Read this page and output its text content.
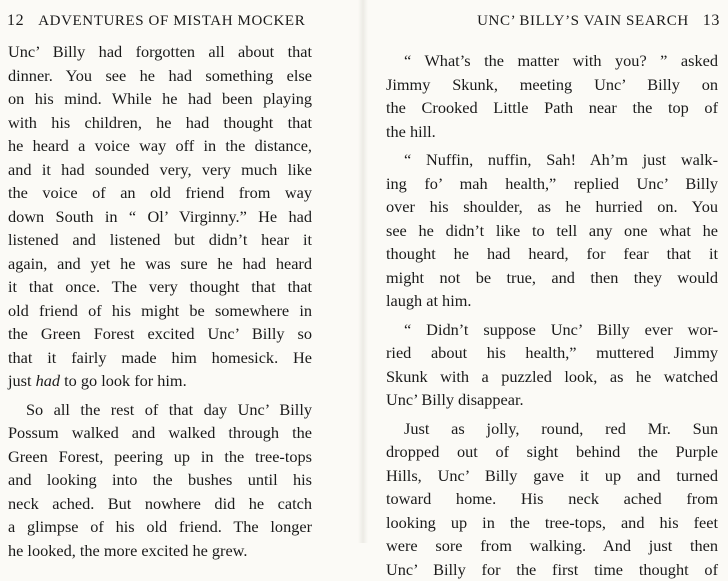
12 ADVENTURES OF MISTAH MOCKER
Unc’ Billy had forgotten all about that
dinner. You see he had something else
on his mind. While he had been playing
with his children, he had thought that
he heard a voice way off in the distance,
and it had sounded very, very much like
the voice of an old friend from way
down South in “ Ol’ Virginny.” He had
listened and listened but didn’t hear it
again, and yet he was sure he had heard
it that once. The very thought that that
old friend of his might be somewhere in
the Green Forest excited Unc’ Billy so
that it fairly made him homesick. He
just had to go look for him.
So all the rest of that day Unc’ Billy
Possum walked and walked through the
Green Forest, peering up in the tree-tops
and looking into the bushes until his
neck ached. But nowhere did he catch
a glimpse of his old friend. The longer
he looked, the more excited he grew.
UNC’ BILLY’S VAIN SEARCH 13
“ What’s the matter with you? ” asked
Jimmy Skunk, meeting Unc’ Billy on
the Crooked Little Path near the top of
the hill.
“ Nuffin, nuffin, Sah! Ah’m just walk-
ing fo’ mah health,” replied Unc’ Billy
over his shoulder, as he hurried on. You
see he didn’t like to tell any one what he
thought he had heard, for fear that it
might not be true, and then they would
laugh at him.
“ Didn’t suppose Unc’ Billy ever wor-
ried about his health,” muttered Jimmy
Skunk with a puzzled look, as he watched
Unc’ Billy disappear.
Just as jolly, round, red Mr. Sun
dropped out of sight behind the Purple
Hills, Unc’ Billy gave it up and turned
toward home. His neck ached from
looking up in the tree-tops, and his feet
were sore from walking. And just then
Unc’ Billy for the first time thought of
